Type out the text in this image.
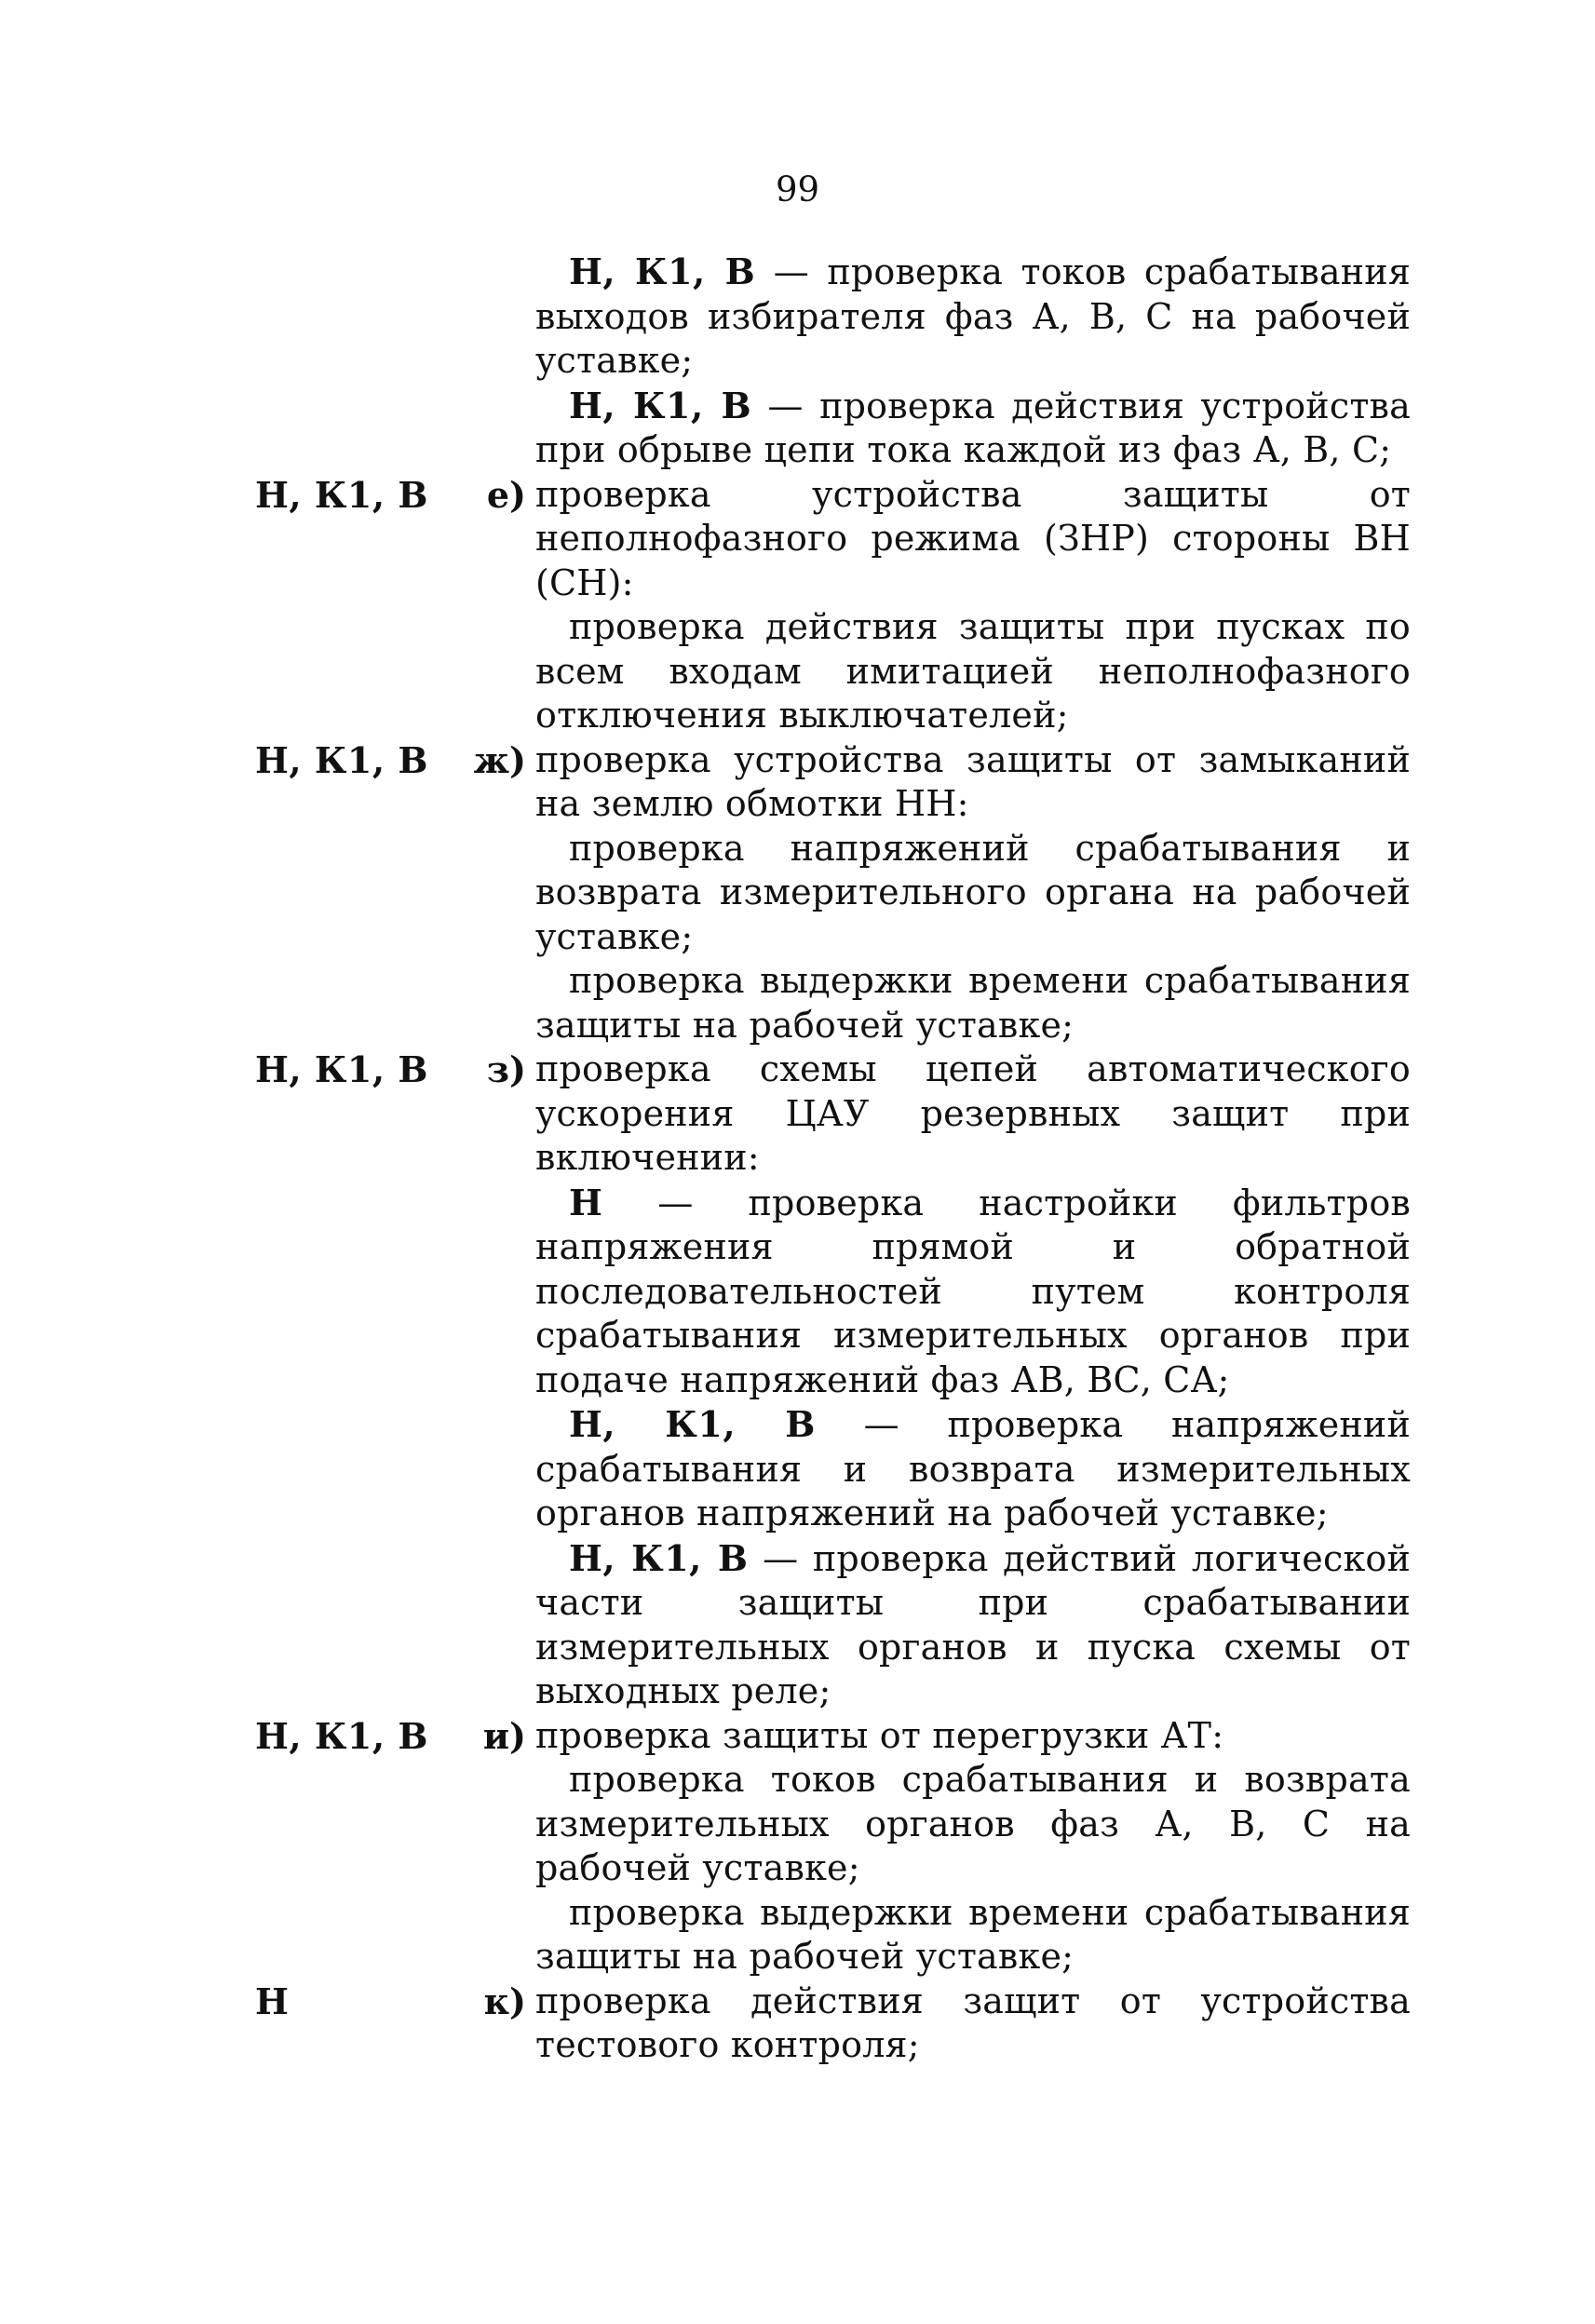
99
Н, К1, В — проверка токов срабатывания выходов избирателя фаз А, В, С на рабочей уставке;
Н, К1, В — проверка действия устройства при обрыве цепи тока каждой из фаз А, В, С;
Н, К1, В е) проверка устройства защиты от неполнофазного режима (ЗНР) стороны ВН (СН):
проверка действия защиты при пусках по всем входам имитацией неполнофазного отключения выключателей;
Н, К1, В ж) проверка устройства защиты от замыканий на землю обмотки НН:
проверка напряжений срабатывания и возврата измерительного органа на рабочей уставке;
проверка выдержки времени срабатывания защиты на рабочей уставке;
Н, К1, В з) проверка схемы цепей автоматического ускорения ЦАУ резервных защит при включении:
Н — проверка настройки фильтров напряжения прямой и обратной последовательностей путем контроля срабатывания измерительных органов при подаче напряжений фаз АВ, ВС, СА;
Н, К1, В — проверка напряжений срабатывания и возврата измерительных органов напряжений на рабочей уставке;
Н, К1, В — проверка действий логической части защиты при срабатывании измерительных органов и пуска схемы от выходных реле;
Н, К1, В и) проверка защиты от перегрузки АТ:
проверка токов срабатывания и возврата измерительных органов фаз А, В, С на рабочей уставке;
проверка выдержки времени срабатывания защиты на рабочей уставке;
Н	к) проверка действия защит от устройства тестового контроля;
